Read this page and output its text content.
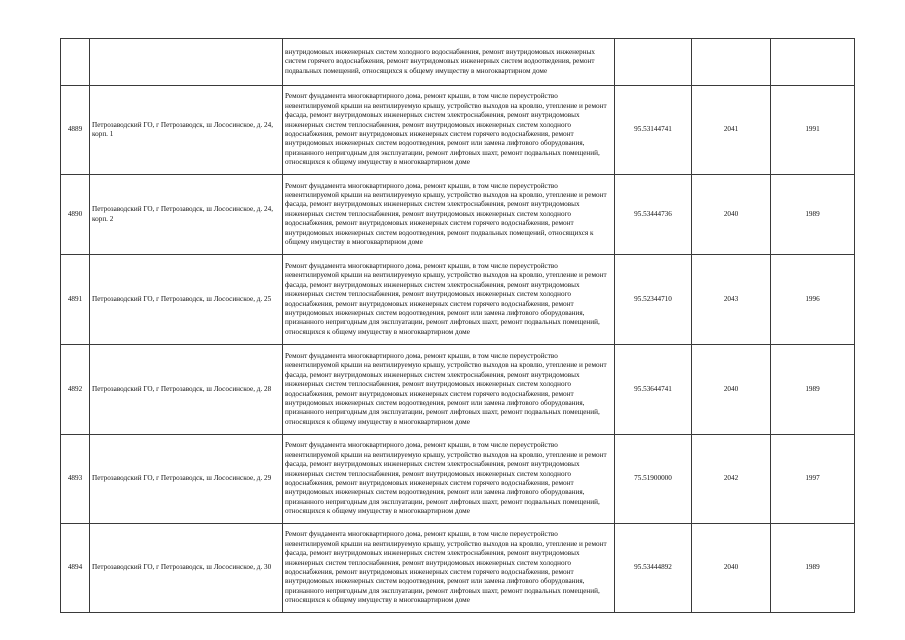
		внутридомовых инженерных систем холодного водоснабжения, ремонт внутридомовых инженерных систем горячего водоснабжения, ремонт внутридомовых инженерных систем водоотведения, ремонт подвальных помещений, относящихся к общему имуществу в многоквартирном доме			

4889	Петрозаводский ГО, г Петрозаводск, ш Лососинское, д. 24, корп. 1	Ремонт фундамента многоквартирного дома, ремонт крыши, в том числе переустройство невентилируемой крыши на вентилируемую крышу, устройство выходов на кровлю, утепление и ремонт фасада, ремонт внутридомовых инженерных систем электроснабжения, ремонт внутридомовых инженерных систем теплоснабжения, ремонт внутридомовых инженерных систем холодного водоснабжения, ремонт внутридомовых инженерных систем горячего водоснабжения, ремонт внутридомовых инженерных систем водоотведения, ремонт или замена лифтового оборудования, признанного непригодным для эксплуатации, ремонт лифтовых шахт, ремонт подвальных помещений, относящихся к общему имуществу в многоквартирном доме	95.53144741	2041	1991
4890	Петрозаводский ГО, г Петрозаводск, ш Лососинское, д. 24, корп. 2	Ремонт фундамента многоквартирного дома, ремонт крыши, в том числе переустройство невентилируемой крыши на вентилируемую крышу, устройство выходов на кровлю, утепление и ремонт фасада, ремонт внутридомовых инженерных систем электроснабжения, ремонт внутридомовых инженерных систем теплоснабжения, ремонт внутридомовых инженерных систем холодного водоснабжения, ремонт внутридомовых инженерных систем горячего водоснабжения, ремонт внутридомовых инженерных систем водоотведения, ремонт подвальных помещений, относящихся к общему имуществу в многоквартирном доме	95.53444736	2040	1989
4891	Петрозаводский ГО, г Петрозаводск, ш Лососинское, д. 25	Ремонт фундамента многоквартирного дома, ремонт крыши, в том числе переустройство невентилируемой крыши на вентилируемую крышу, устройство выходов на кровлю, утепление и ремонт фасада, ремонт внутридомовых инженерных систем электроснабжения, ремонт внутридомовых инженерных систем теплоснабжения, ремонт внутридомовых инженерных систем холодного водоснабжения, ремонт внутридомовых инженерных систем горячего водоснабжения, ремонт внутридомовых инженерных систем водоотведения, ремонт или замена лифтового оборудования, признанного непригодным для эксплуатации, ремонт лифтовых шахт, ремонт подвальных помещений, относящихся к общему имуществу в многоквартирном доме	95.52344710	2043	1996
4892	Петрозаводский ГО, г Петрозаводск, ш Лососинское, д. 28	Ремонт фундамента многоквартирного дома, ремонт крыши, в том числе переустройство невентилируемой крыши на вентилируемую крышу, устройство выходов на кровлю, утепление и ремонт фасада, ремонт внутридомовых инженерных систем электроснабжения, ремонт внутридомовых инженерных систем теплоснабжения, ремонт внутридомовых инженерных систем холодного водоснабжения, ремонт внутридомовых инженерных систем горячего водоснабжения, ремонт внутридомовых инженерных систем водоотведения, ремонт или замена лифтового оборудования, признанного непригодным для эксплуатации, ремонт лифтовых шахт, ремонт подвальных помещений, относящихся к общему имуществу в многоквартирном доме	95.53644741	2040	1989
4893	Петрозаводский ГО, г Петрозаводск, ш Лососинское, д. 29	Ремонт фундамента многоквартирного дома, ремонт крыши, в том числе переустройство невентилируемой крыши на вентилируемую крышу, устройство выходов на кровлю, утепление и ремонт фасада, ремонт внутридомовых инженерных систем электроснабжения, ремонт внутридомовых инженерных систем теплоснабжения, ремонт внутридомовых инженерных систем холодного водоснабжения, ремонт внутридомовых инженерных систем горячего водоснабжения, ремонт внутридомовых инженерных систем водоотведения, ремонт или замена лифтового оборудования, признанного непригодным для эксплуатации, ремонт лифтовых шахт, ремонт подвальных помещений, относящихся к общему имуществу в многоквартирном доме	75.51900000	2042	1997
4894	Петрозаводский ГО, г Петрозаводск, ш Лососинское, д. 30	Ремонт фундамента многоквартирного дома, ремонт крыши, в том числе переустройство невентилируемой крыши на вентилируемую крышу, устройство выходов на кровлю, утепление и ремонт фасада, ремонт внутридомовых инженерных систем электроснабжения, ремонт внутридомовых инженерных систем теплоснабжения, ремонт внутридомовых инженерных систем холодного водоснабжения, ремонт внутридомовых инженерных систем горячего водоснабжения, ремонт внутридомовых инженерных систем водоотведения, ремонт или замена лифтового оборудования, признанного непригодным для эксплуатации, ремонт лифтовых шахт, ремонт подвальных помещений, относящихся к общему имуществу в многоквартирном доме	95.53444892	2040	1989
